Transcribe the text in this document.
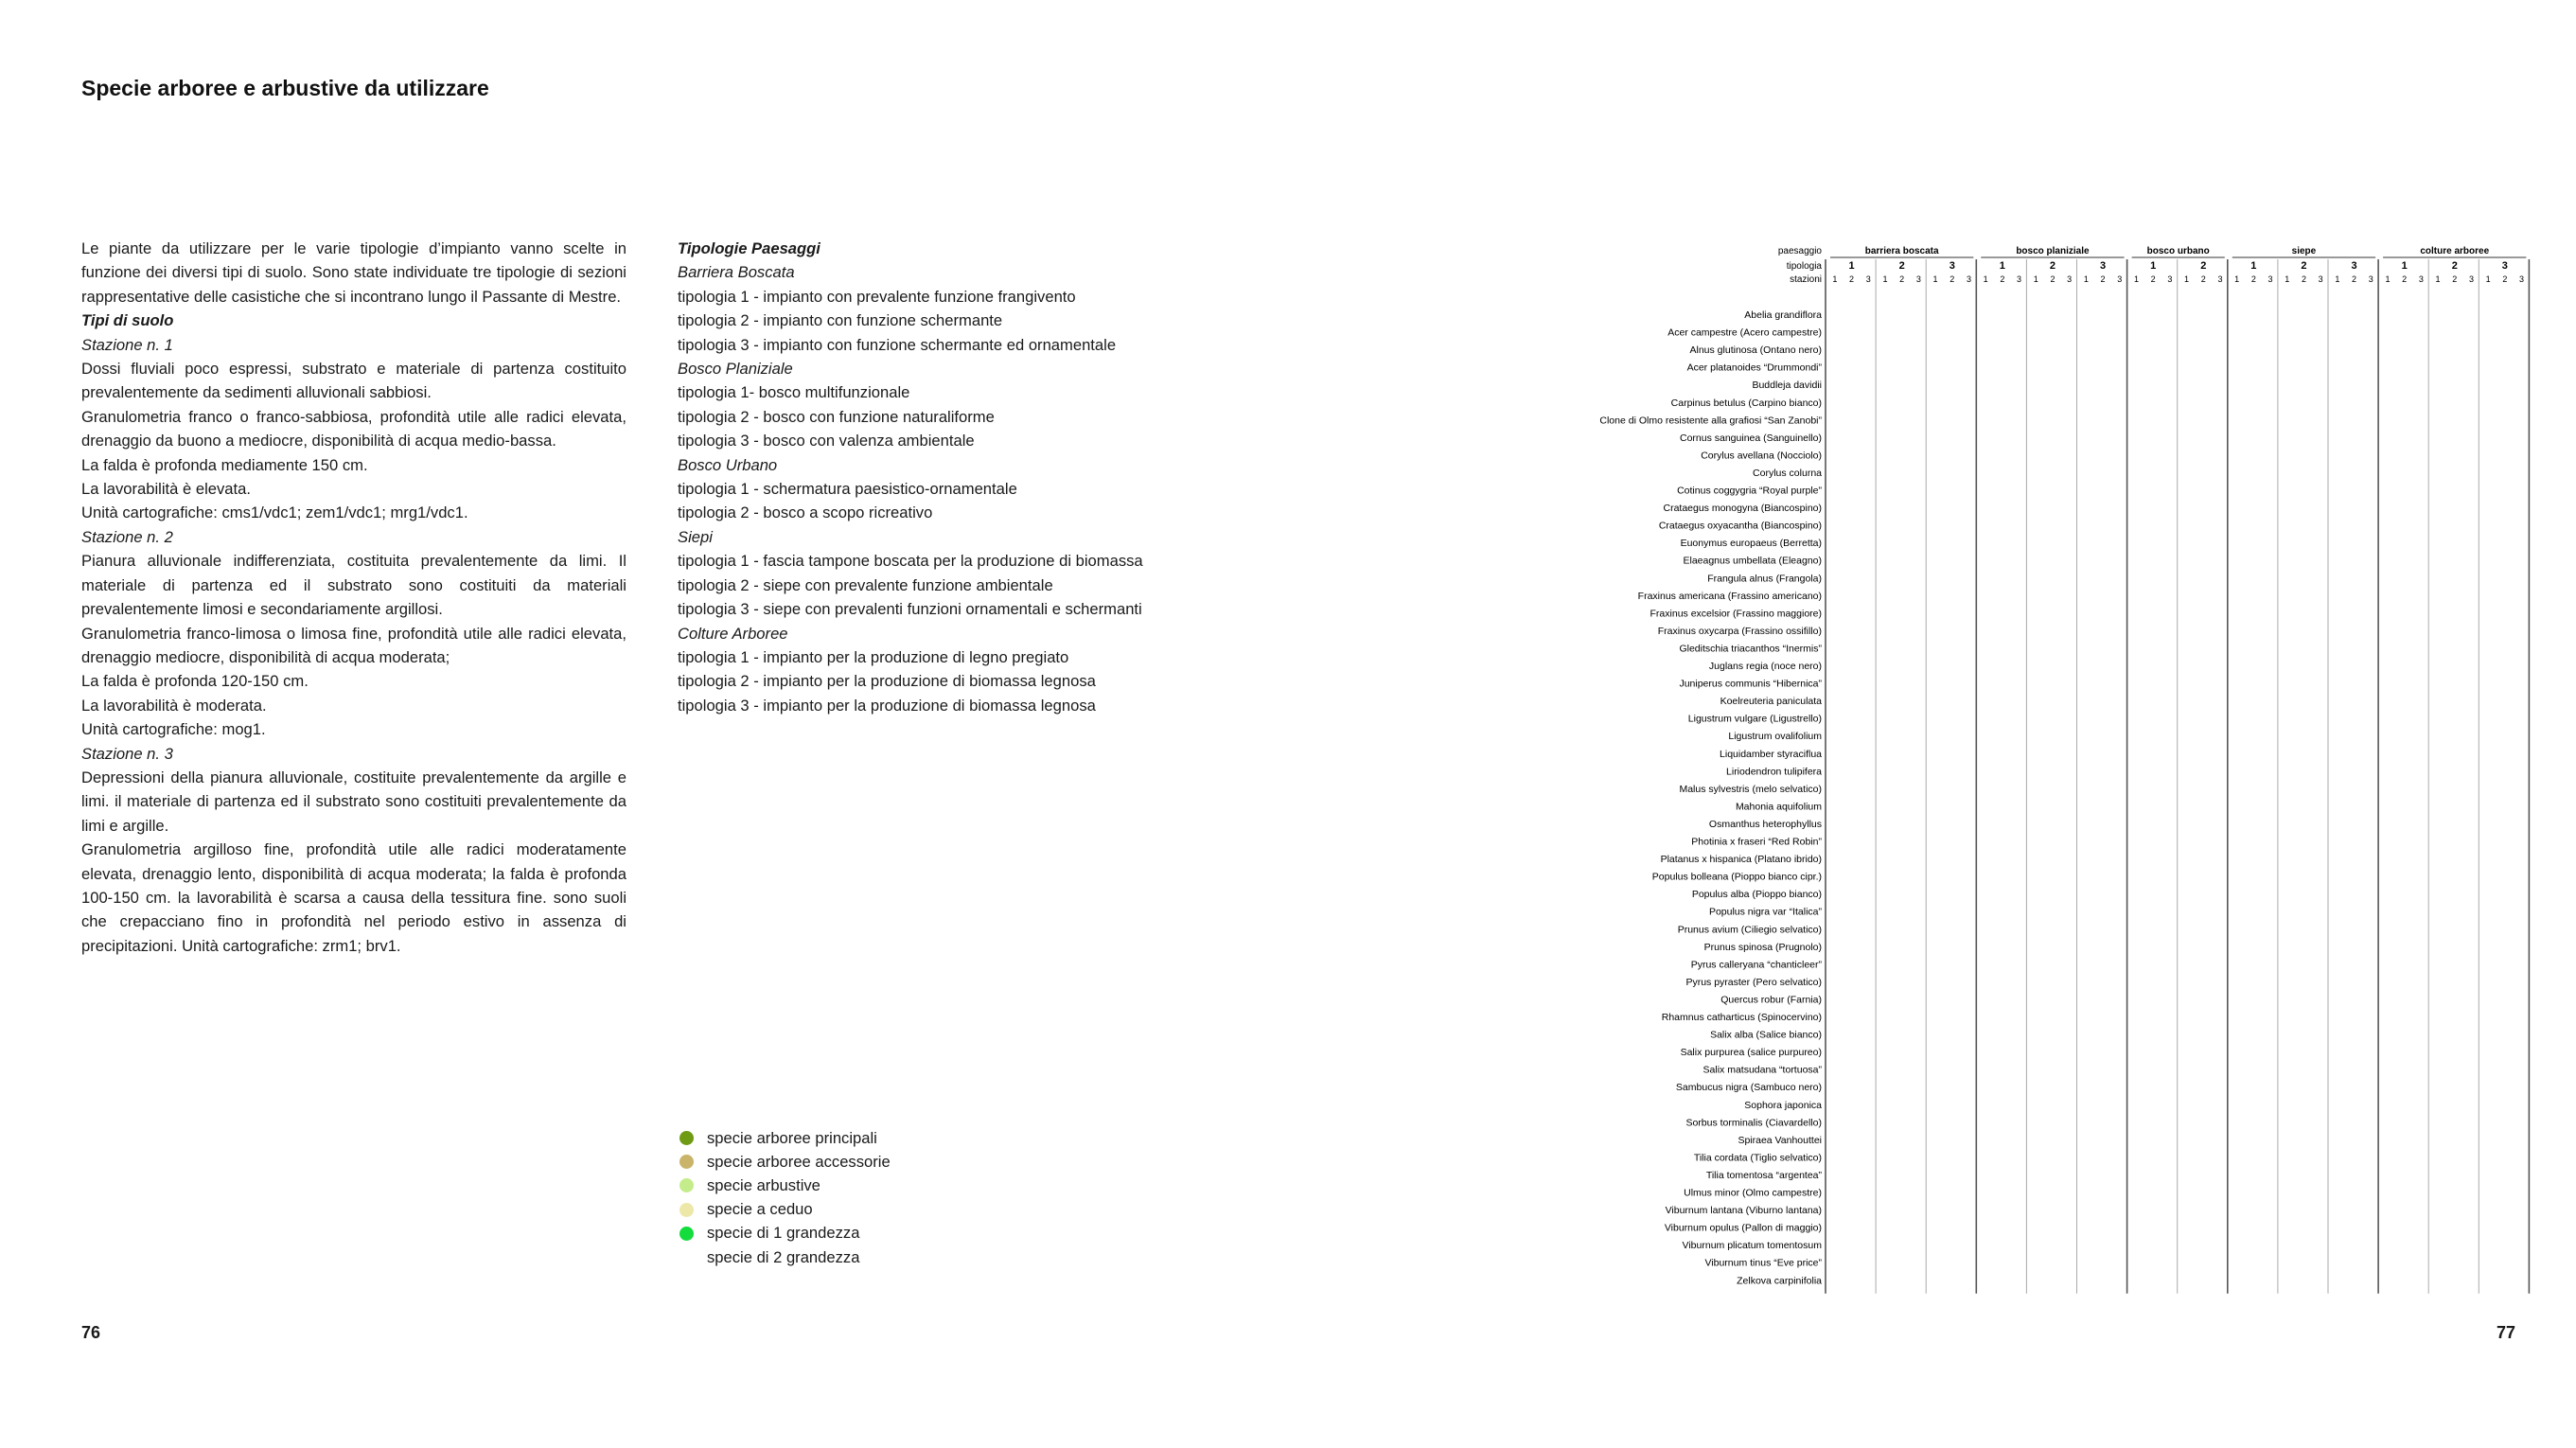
Specie arboree e arbustive da utilizzare

Le piante da utilizzare per le varie tipologie d’impianto vanno scelte in funzione dei diversi tipi di suolo. Sono state individuate tre tipologie di sezioni rappresentative delle casistiche che si incontrano lungo il Passante di Mestre.

Tipi di suolo

Stazione n. 1

Dossi fluviali poco espressi, substrato e materiale di partenza costituito prevalentemente da sedimenti alluvionali sabbiosi.

Granulometria franco o franco-sabbiosa, profondità utile alle radici elevata, drenaggio da buono a mediocre, disponibilità di acqua medio-bassa.

La falda è profonda mediamente 150 cm.

La lavorabilità è elevata.

Unità cartografiche: cms1/vdc1; zem1/vdc1; mrg1/vdc1.

Stazione n. 2

Pianura alluvionale indifferenziata, costituita prevalentemente da limi. Il materiale di partenza ed il substrato sono costituiti da materiali prevalentemente limosi e secondariamente argillosi.

Granulometria franco-limosa o limosa fine, profondità utile alle radici elevata, drenaggio mediocre, disponibilità di acqua moderata;

La falda è profonda 120-150 cm.

La lavorabilità è moderata.

Unità cartografiche: mog1.

Stazione n. 3

Depressioni della pianura alluvionale, costituite prevalentemente da argille e limi. il materiale di partenza ed il substrato sono costituiti prevalentemente da limi e argille.

Granulometria argilloso fine, profondità utile alle radici moderatamente elevata, drenaggio lento, disponibilità di acqua moderata; la falda è profonda 100-150 cm. la lavorabilità è scarsa a causa della tessitura fine. sono suoli che crepacciano fino in profondità nel periodo estivo in assenza di precipitazioni. Unità cartografiche: zrm1; brv1.

Tipologie Paesaggi
Barriera Boscata
tipologia 1 - impianto con prevalente funzione frangivento
tipologia 2 - impianto con funzione schermante
tipologia 3 - impianto con funzione schermante ed ornamentale
Bosco Planiziale
tipologia 1- bosco multifunzionale
tipologia 2 - bosco con funzione naturaliforme
tipologia 3 - bosco con valenza ambientale
Bosco Urbano
tipologia 1 - schermatura paesistico-ornamentale
tipologia 2 - bosco a scopo ricreativo
Siepi
tipologia 1 - fascia tampone boscata per la produzione di biomassa
tipologia 2 - siepe con prevalente funzione ambientale
tipologia 3 - siepe con prevalenti funzioni ornamentali e schermanti
Colture Arboree
tipologia 1 - impianto per la produzione di legno pregiato
tipologia 2 - impianto per la produzione di biomassa legnosa
tipologia 3 - impianto per la produzione di biomassa legnosa
specie arboree principali
specie arboree accessorie
specie arbustive
specie a ceduo
specie di 1 grandezza
specie di 2 grandezza
paesaggio
tipologia
stazioni
barriera boscata
1
1 2 3
2
1 2 3
3
1 2 3
bosco planiziale
1
1 2 3
2
1 2 3
3
1 2 3
bosco urbano
1
1 2 3
2
1 2 3
siepe
1
1 2 3
2
1 2 3
3
1 2 3
colture arboree
1
1 2 3
2
1 2 3
3
1 2 3
Abelia grandiflora
Acer campestre (Acero campestre)
Alnus glutinosa (Ontano nero)
Acer platanoides “Drummondi”
Buddleja davidii
Carpinus betulus (Carpino bianco)
Clone di Olmo resistente alla grafiosi “San Zanobi”
Cornus sanguinea (Sanguinello)
Corylus avellana (Nocciolo)
Corylus colurna
Cotinus coggygria “Royal purple”
Crataegus monogyna (Biancospino)
Crataegus oxyacantha (Biancospino)
Euonymus europaeus (Berretta)
Elaeagnus umbellata (Eleagno)
Frangula alnus (Frangola)
Fraxinus americana (Frassino americano)
Fraxinus excelsior (Frassino maggiore)
Fraxinus oxycarpa (Frassino ossifillo)
Gleditschia triacanthos “Inermis”
Juglans regia (noce nero)
Juniperus communis “Hibernica”
Koelreuteria paniculata
Ligustrum vulgare (Ligustrello)
Ligustrum ovalifolium
Liquidamber styraciflua
Liriodendron tulipifera
Malus sylvestris (melo selvatico)
Mahonia aquifolium
Osmanthus heterophyllus
Photinia x fraseri “Red Robin”
Platanus x hispanica (Platano ibrido)
Populus bolleana (Pioppo bianco cipr.)
Populus alba (Pioppo bianco)
Populus nigra var “Italica”
Prunus avium (Ciliegio selvatico)
Prunus spinosa (Prugnolo)
Pyrus calleryana “chanticleer”
Pyrus pyraster (Pero selvatico)
Quercus robur (Farnia)
Rhamnus catharticus (Spinocervino)
Salix alba (Salice bianco)
Salix purpurea (salice purpureo)
Salix matsudana “tortuosa”
Sambucus nigra (Sambuco nero)
Sophora japonica
Sorbus torminalis (Ciavardello)
Spiraea Vanhouttei
Tilia cordata (Tiglio selvatico)
Tilia tomentosa “argentea”
Ulmus minor (Olmo campestre)
Viburnum lantana (Viburno lantana)
Viburnum opulus (Pallon di maggio)
Viburnum plicatum tomentosum
Viburnum tinus “Eve price”
Zelkova carpinifolia
76	77
